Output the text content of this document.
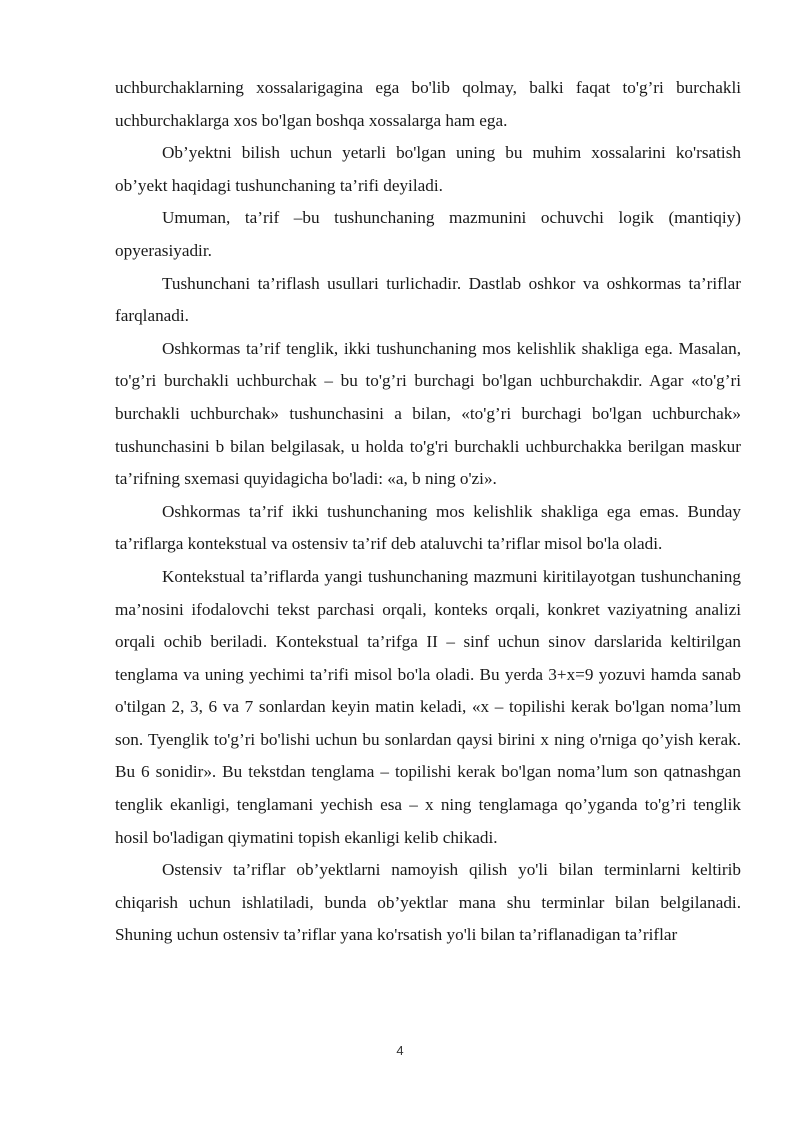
uchburchaklarning xossalarigagina ega bo'lib qolmay, balki faqat to'g’ri burchakli uchburchaklarga xos bo'lgan boshqa xossalarga ham ega.

Ob’yektni bilish uchun yetarli bo'lgan uning bu muhim xossalarini ko'rsatish ob’yekt haqidagi tushunchaning ta’rifi deyiladi.

Umuman, ta’rif –bu tushunchaning mazmunini ochuvchi logik (mantiqiy) opyerasiyadir.

Tushunchani ta’riflash usullari turlichadir. Dastlab oshkor va oshkormas ta’riflar farqlanadi.

Oshkormas ta’rif tenglik, ikki tushunchaning mos kelishlik shakliga ega. Masalan, to'g’ri burchakli uchburchak – bu to'g’ri burchagi bo'lgan uchburchakdir. Agar «to'g’ri burchakli uchburchak» tushunchasini a bilan, «to'g’ri burchagi bo'lgan uchburchak» tushunchasini b bilan belgilasak, u holda to'g'ri burchakli uchburchakka berilgan maskur ta’rifning sxemasi quyidagicha bo'ladi: «a, b ning o'zi».

Oshkormas ta’rif ikki tushunchaning mos kelishlik shakliga ega emas. Bunday ta’riflarga kontekstual va ostensiv ta’rif deb ataluvchi ta’riflar misol bo'la oladi.

Kontekstual ta’riflarda yangi tushunchaning mazmuni kiritilayotgan tushunchaning ma’nosini ifodalovchi tekst parchasi orqali, konteks orqali, konkret vaziyatning analizi orqali ochib beriladi. Kontekstual ta’rifga II – sinf uchun sinov darslarida keltirilgan tenglama va uning yechimi ta’rifi misol bo'la oladi. Bu yerda 3+x=9 yozuvi hamda sanab o'tilgan 2, 3, 6 va 7 sonlardan keyin matin keladi, «x – topilishi kerak bo'lgan noma’lum son. Tyenglik to'g’ri bo'lishi uchun bu sonlardan qaysi birini x ning o'rniga qo’yish kerak. Bu 6 sonidir». Bu tekstdan tenglama – topilishi kerak bo'lgan noma’lum son qatnashgan tenglik ekanligi, tenglamani yechish esa – x ning tenglamaga qo’yganda to'g’ri tenglik hosil bo'ladigan qiymatini topish ekanligi kelib chikadi.

Ostensiv ta’riflar ob’yektlarni namoyish qilish yo'li bilan terminlarni keltirib chiqarish uchun ishlatiladi, bunda ob’yektlar mana shu terminlar bilan belgilanadi. Shuning uchun ostensiv ta’riflar yana ko'rsatish yo'li bilan ta’riflanadigan ta’riflar

4
